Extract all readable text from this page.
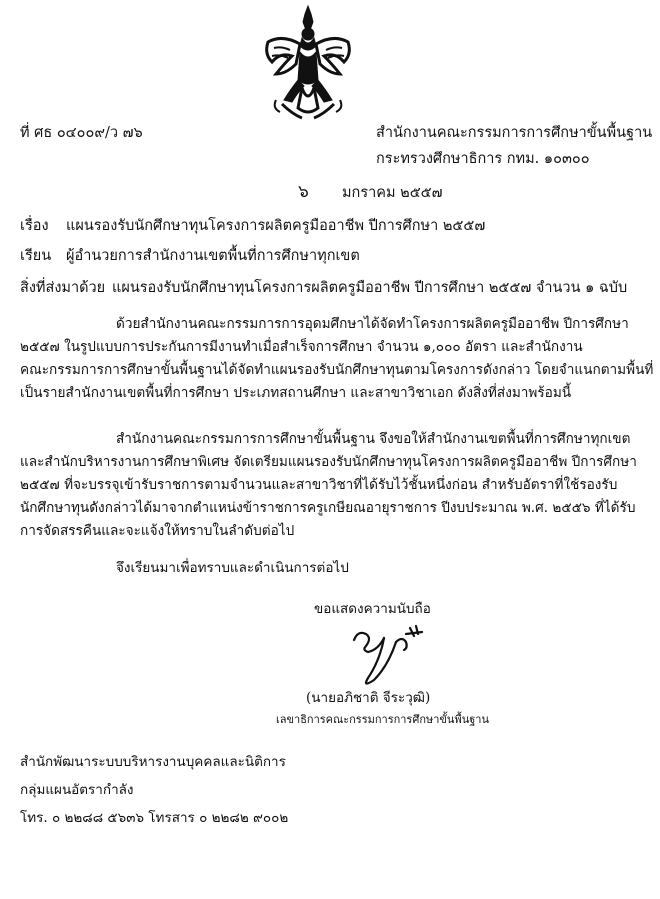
ที่ ศธ ๐๔๐๐๙/ว ๗๖	สำนักงานคณะกรรมการการศึกษาขั้นพื้นฐาน
กระทรวงศึกษาธิการ กทม. ๑๐๓๐๐
๖ มกราคม ๒๕๕๗
เรื่อง แผนรองรับนักศึกษาทุนโครงการผลิตครูมืออาชีพ ปีการศึกษา ๒๕๕๗
เรียน ผู้อำนวยการสำนักงานเขตพื้นที่การศึกษาทุกเขต
สิ่งที่ส่งมาด้วย แผนรองรับนักศึกษาทุนโครงการผลิตครูมืออาชีพ ปีการศึกษา ๒๕๕๗ จำนวน ๑ ฉบับ
ด้วยสำนักงานคณะกรรมการการอุดมศึกษาได้จัดทำโครงการผลิตครูมืออาชีพ ปีการศึกษา
๒๕๕๗ ในรูปแบบการประกันการมีงานทำเมื่อสำเร็จการศึกษา จำนวน ๑,๐๐๐ อัตรา และสำนักงาน
คณะกรรมการการศึกษาขั้นพื้นฐานได้จัดทำแผนรองรับนักศึกษาทุนตามโครงการดังกล่าว โดยจำแนกตามพื้นที่
เป็นรายสำนักงานเขตพื้นที่การศึกษา ประเภทสถานศึกษา และสาขาวิชาเอก ดังสิ่งที่ส่งมาพร้อมนี้
สำนักงานคณะกรรมการการศึกษาขั้นพื้นฐาน จึงขอให้สำนักงานเขตพื้นที่การศึกษาทุกเขต
และสำนักบริหารงานการศึกษาพิเศษ จัดเตรียมแผนรองรับนักศึกษาทุนโครงการผลิตครูมืออาชีพ ปีการศึกษา
๒๕๕๗ ที่จะบรรจุเข้ารับราชการตามจำนวนและสาขาวิชาที่ได้รับไว้ชั้นหนึ่งก่อน สำหรับอัตราที่ใช้รองรับ
นักศึกษาทุนดังกล่าวได้มาจากตำแหน่งข้าราชการครูเกษียณอายุราชการ ปีงบประมาณ พ.ศ. ๒๕๕๖ ที่ได้รับ
การจัดสรรคืนและจะแจ้งให้ทราบในลำดับต่อไป
จึงเรียนมาเพื่อทราบและดำเนินการต่อไป
ขอแสดงความนับถือ
(นายอภิชาติ จีระวุฒิ)
เลขาธิการคณะกรรมการการศึกษาขั้นพื้นฐาน
สำนักพัฒนาระบบบริหารงานบุคคลและนิติการ
กลุ่มแผนอัตรากำลัง
โทร. ๐ ๒๒๘๘ ๕๖๓๖ โทรสาร ๐ ๒๒๘๒ ๙๐๐๒
